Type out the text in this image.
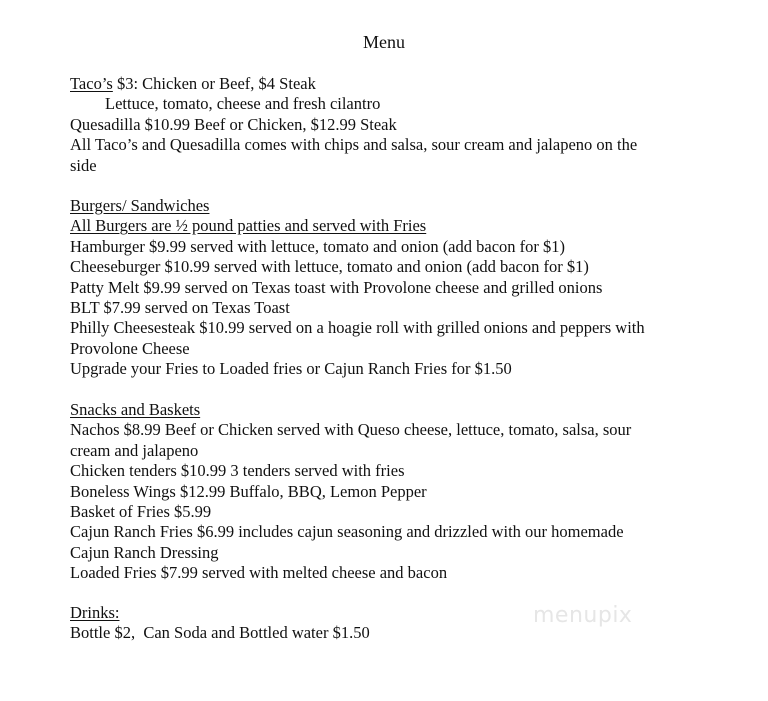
Menu
Taco’s $3: Chicken or Beef, $4 Steak
Lettuce, tomato, cheese and fresh cilantro
Quesadilla $10.99 Beef or Chicken, $12.99 Steak
All Taco’s and Quesadilla comes with chips and salsa, sour cream and jalapeno on the
side
Burgers/ Sandwiches
All Burgers are ½ pound patties and served with Fries
Hamburger $9.99 served with lettuce, tomato and onion (add bacon for $1)
Cheeseburger $10.99 served with lettuce, tomato and onion (add bacon for $1)
Patty Melt $9.99 served on Texas toast with Provolone cheese and grilled onions
BLT $7.99 served on Texas Toast
Philly Cheesesteak $10.99 served on a hoagie roll with grilled onions and peppers with
Provolone Cheese
Upgrade your Fries to Loaded fries or Cajun Ranch Fries for $1.50
Snacks and Baskets
Nachos $8.99 Beef or Chicken served with Queso cheese, lettuce, tomato, salsa, sour
cream and jalapeno
Chicken tenders $10.99 3 tenders served with fries
Boneless Wings $12.99 Buffalo, BBQ, Lemon Pepper
Basket of Fries $5.99
Cajun Ranch Fries $6.99 includes cajun seasoning and drizzled with our homemade
Cajun Ranch Dressing
Loaded Fries $7.99 served with melted cheese and bacon
Drinks:
Bottle $2,  Can Soda and Bottled water $1.50
menupix
